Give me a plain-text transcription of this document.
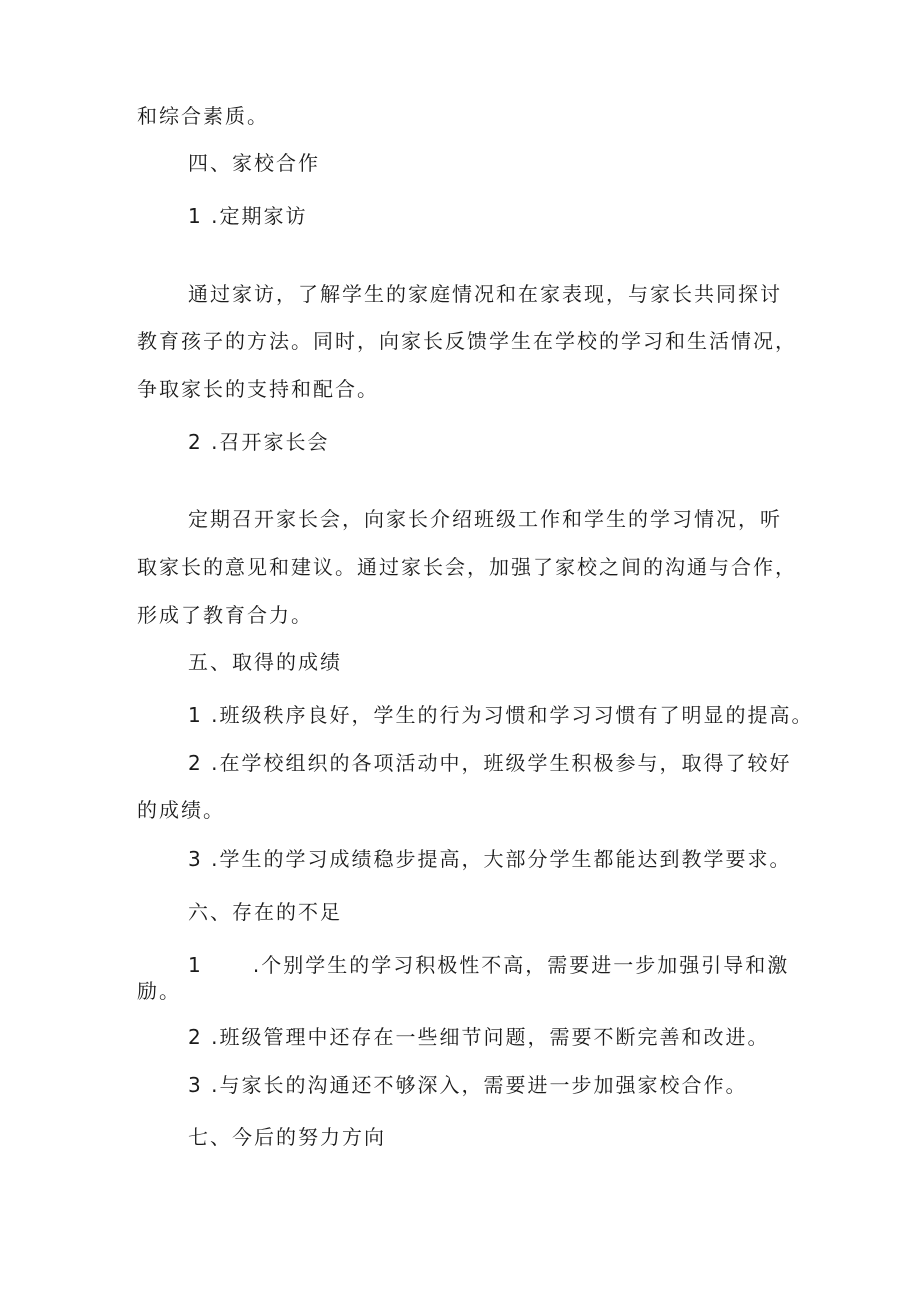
和综合素质。
四、家校合作
1 .定期家访
通过家访，了解学生的家庭情况和在家表现，与家长共同探讨
教育孩子的方法。同时，向家长反馈学生在学校的学习和生活情况，
争取家长的支持和配合。
2 .召开家长会
定期召开家长会，向家长介绍班级工作和学生的学习情况，听
取家长的意见和建议。通过家长会，加强了家校之间的沟通与合作，
形成了教育合力。
五、取得的成绩
1 .班级秩序良好，学生的行为习惯和学习习惯有了明显的提高。
2 .在学校组织的各项活动中，班级学生积极参与，取得了较好
的成绩。
3 .学生的学习成绩稳步提高，大部分学生都能达到教学要求。
六、存在的不足
1      .个别学生的学习积极性不高，需要进一步加强引导和激
励。
2 .班级管理中还存在一些细节问题，需要不断完善和改进。
3 .与家长的沟通还不够深入，需要进一步加强家校合作。
七、今后的努力方向
